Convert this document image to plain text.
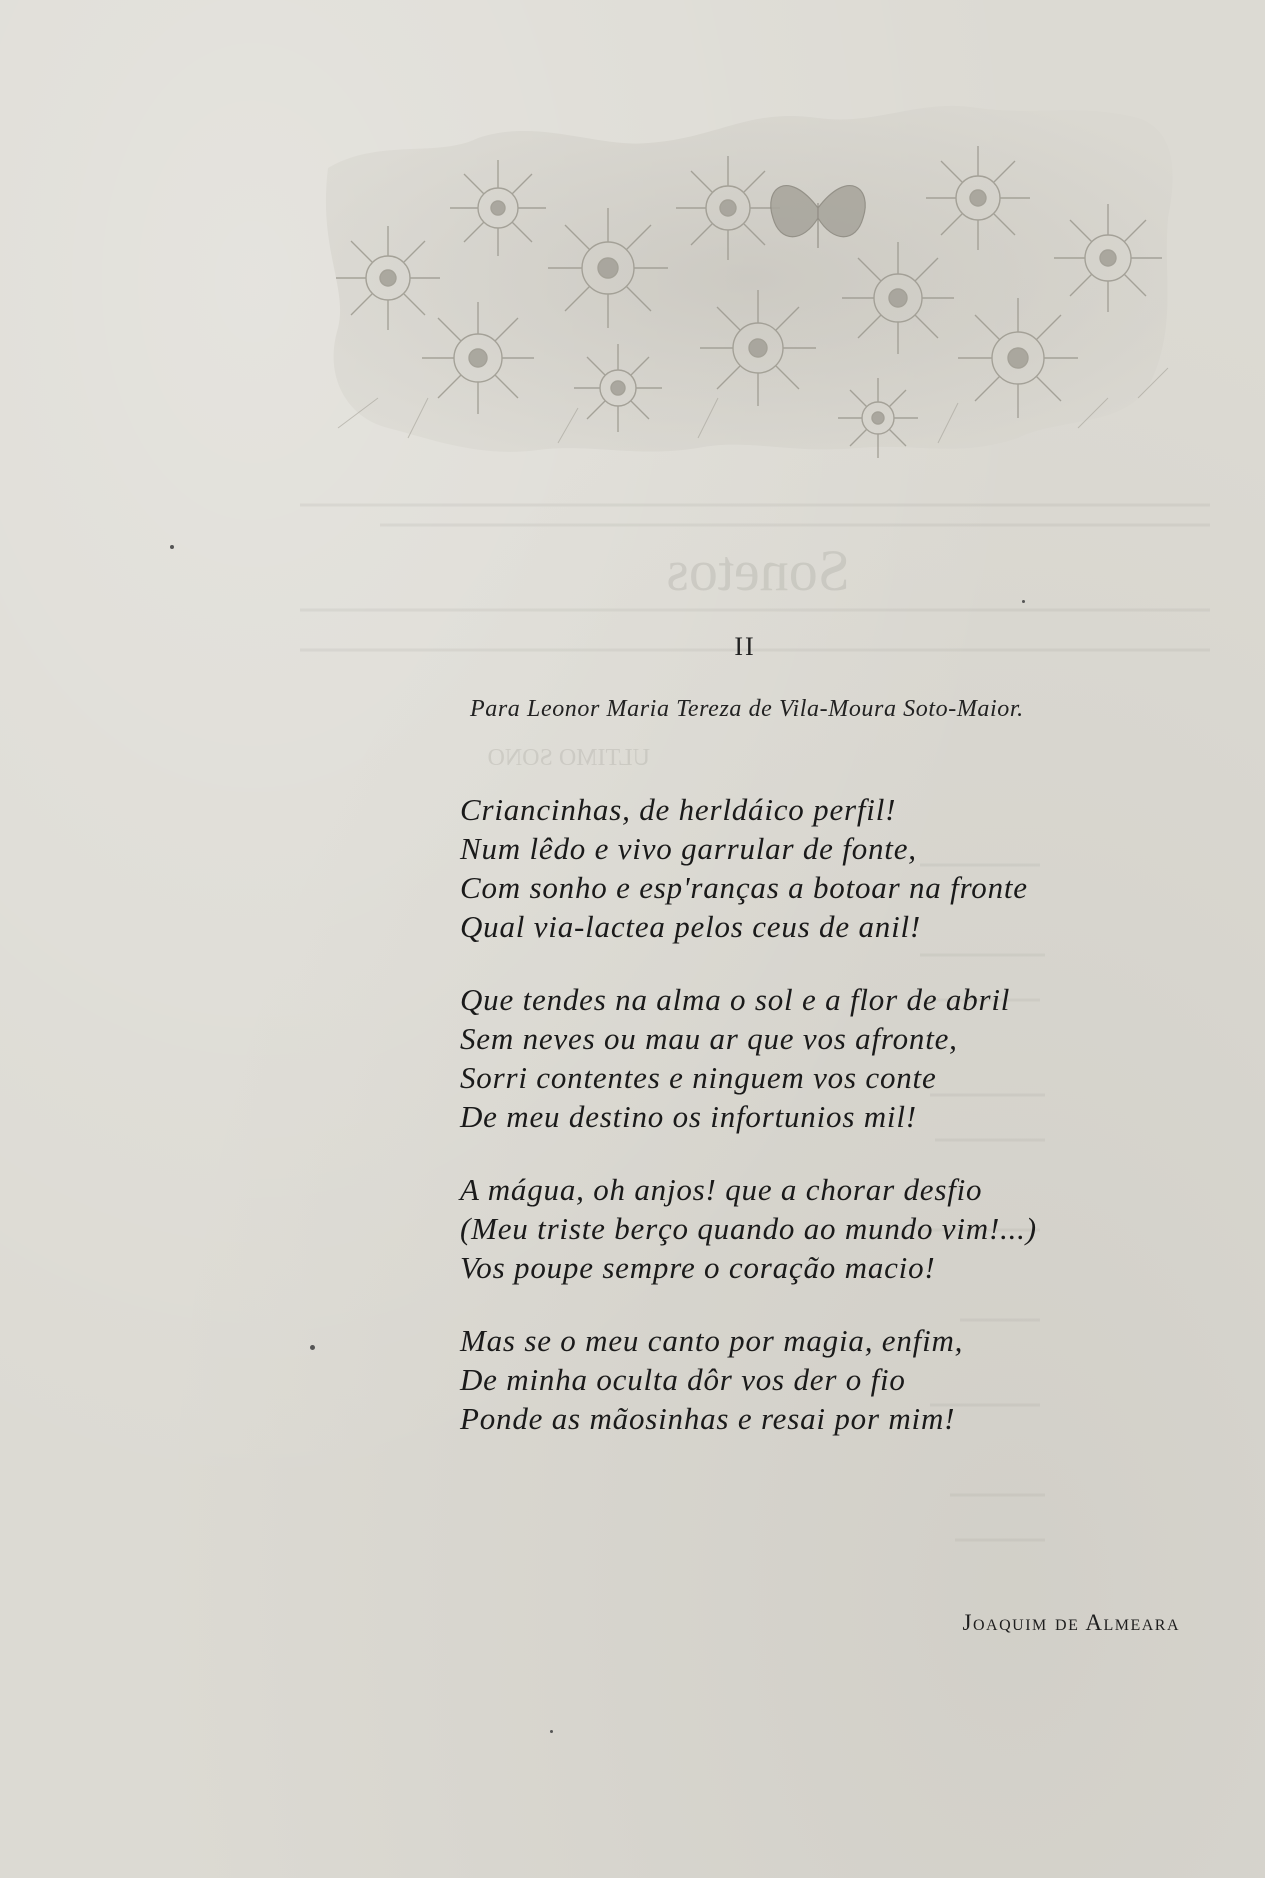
Sonetos
ULTIMO SONO
II
Para Leonor Maria Tereza de Vila-Moura Soto-Maior.
Criancinhas, de herldáico perfil!
Num lêdo e vivo garrular de fonte,
Com sonho e esp'ranças a botoar na fronte
Qual via-lactea pelos ceus de anil!
Que tendes na alma o sol e a flor de abril
Sem neves ou mau ar que vos afronte,
Sorri contentes e ninguem vos conte
De meu destino os infortunios mil!
A mágua, oh anjos! que a chorar desfio
(Meu triste berço quando ao mundo vim!...)
Vos poupe sempre o coração macio!
Mas se o meu canto por magia, enfim,
De minha oculta dôr vos der o fio
Ponde as mãosinhas e resai por mim!
Joaquim de Almeara
